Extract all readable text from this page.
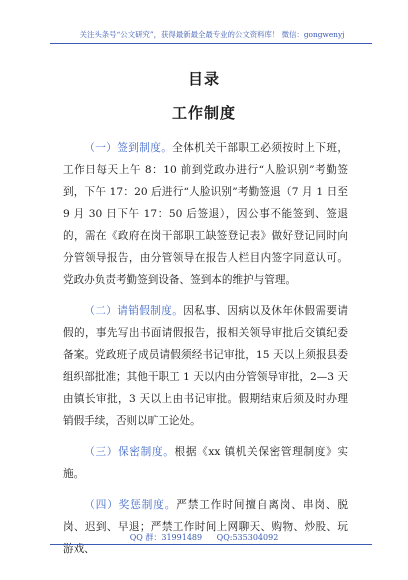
关注头条号“公文研究”，获得最新最全最专业的公文资料库！ 微信：gongwenyj
目录
工作制度

（一）签到制度。全体机关干部职工必须按时上下班，工作日每天上午 8：10 前到党政办进行“人脸识别”考勤签到，下午 17：20 后进行“人脸识别”考勤签退（7 月 1 日至 9 月 30 日下午 17：50 后签退），因公事不能签到、签退的，需在《政府在岗干部职工缺签登记表》做好登记同时向分管领导报告，由分管领导在报告人栏目内签字同意认可。党政办负责考勤签到设备、签到本的维护与管理。

（二）请销假制度。因私事、因病以及休年休假需要请假的，事先写出书面请假报告，报相关领导审批后交镇纪委备案。党政班子成员请假须经书记审批，15 天以上须报县委组织部批准；其他干职工 1 天以内由分管领导审批，2—3 天由镇长审批，3 天以上由书记审批。假期结束后须及时办理销假手续，否则以旷工论处。

（三）保密制度。根据《xx 镇机关保密管理制度》实施。

（四）奖惩制度。严禁工作时间擅自离岗、串岗、脱岗、迟到、早退；严禁工作时间上网聊天、购物、炒股、玩游戏、

QQ 群：31991489 QQ:535304092
